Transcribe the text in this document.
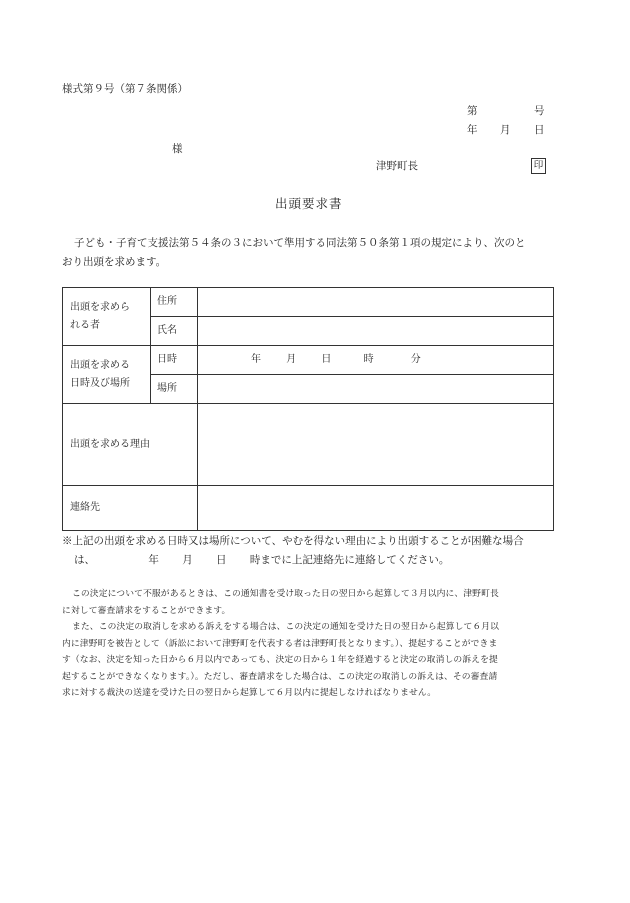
様式第９号（第７条関係）
第	号
年 月 日
様
津野町長	印
出頭要求書
子ども・子育て支援法第５４条の３において準用する同法第５０条第１項の規定により、次のと
おり出頭を求めます。
出頭を求めら
れる者	住所	
	氏名	

出頭を求める
日時及び場所	日時	年 月 日 時 分
	場所	
出頭を求める理由		
連絡先		
※上記の出頭を求める日時又は場所について、やむを得ない理由により出頭することが困難な場合
は、	年 月 日 時までに上記連絡先に連絡してください。

この決定について不服があるときは、この通知書を受け取った日の翌日から起算して３月以内に、津野町長

に対して審査請求をすることができます。

また、この決定の取消しを求める訴えをする場合は、この決定の通知を受けた日の翌日から起算して６月以

内に津野町を被告として（訴訟において津野町を代表する者は津野町長となります。）、提起することができま

す（なお、決定を知った日から６月以内であっても、決定の日から１年を経過すると決定の取消しの訴えを提

起することができなくなります。）。ただし、審査請求をした場合は、この決定の取消しの訴えは、その審査請

求に対する裁決の送達を受けた日の翌日から起算して６月以内に提起しなければなりません。
